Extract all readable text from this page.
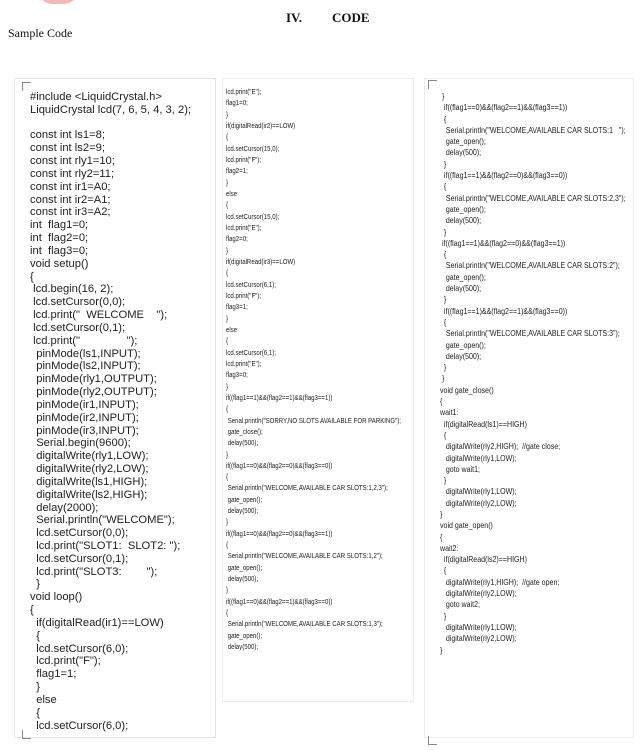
IV. CODE
Sample Code
#include <LiquidCrystal.h>
LiquidCrystal lcd(7, 6, 5, 4, 3, 2);

const int ls1=8;
const int ls2=9;
const int rly1=10;
const int rly2=11;
const int ir1=A0;
const int ir2=A1;
const int ir3=A2;
int  flag1=0;
int  flag2=0;
int  flag3=0;
void setup()
{
lcd.begin(16, 2);
lcd.setCursor(0,0);
lcd.print("  WELCOME    ");
lcd.setCursor(0,1);
lcd.print("               ");
pinMode(ls1,INPUT);
pinMode(ls2,INPUT);
pinMode(rly1,OUTPUT);
pinMode(rly2,OUTPUT);
pinMode(ir1,INPUT);
pinMode(ir2,INPUT);
pinMode(ir3,INPUT);
Serial.begin(9600);
digitalWrite(rly1,LOW);
digitalWrite(rly2,LOW);
digitalWrite(ls1,HIGH);
digitalWrite(ls2,HIGH);
delay(2000);
Serial.println("WELCOME");
lcd.setCursor(0,0);
lcd.print("SLOT1:  SLOT2: ");
lcd.setCursor(0,1);
lcd.print("SLOT3:        ");
}
void loop()
{
if(digitalRead(ir1)==LOW)
{
lcd.setCursor(6,0);
lcd.print("F");
flag1=1;
}
else
{
lcd.setCursor(6,0);
lcd.print("E");
flag1=0;
}
if(digitalRead(ir2)==LOW)
{
lcd.setCursor(15,0);
lcd.print("F");
flag2=1;
}
else
{
lcd.setCursor(15,0);
lcd.print("E");
flag2=0;
}
if(digitalRead(ir3)==LOW)
{
lcd.setCursor(6,1);
lcd.print("F");
flag3=1;
}
else
{
lcd.setCursor(6,1);
lcd.print("E");
flag3=0;
}
if((flag1==1)&&(flag2==1)&&(flag3==1))
{
Serial.println("SORRY,NO SLOTS AVAILABLE FOR PARKING");
gate_close();
delay(500);
}
if((flag1==0)&&(flag2==0)&&(flag3==0))
{
Serial.println("WELCOME,AVAILABLE CAR SLOTS:1,2,3");
gate_open();
delay(500);
}
if((flag1==0)&&(flag2==0)&&(flag3==1))
{
Serial.println("WELCOME,AVAILABLE CAR SLOTS:1,2");
gate_open();
delay(500);
}
if((flag1==0)&&(flag2==1)&&(flag3==0))
{
Serial.println("WELCOME,AVAILABLE CAR SLOTS:1,3");
gate_open();
delay(500);
}
if((flag1==0)&&(flag2==1)&&(flag3==1))
{
Serial.println("WELCOME,AVAILABLE CAR SLOTS:1   ");
gate_open();
delay(500);
}
if((flag1==1)&&(flag2==0)&&(flag3==0))
{
Serial.println("WELCOME,AVAILABLE CAR SLOTS:2,3");
gate_open();
delay(500);
}
if((flag1==1)&&(flag2==0)&&(flag3==1))
{
Serial.println("WELCOME,AVAILABLE CAR SLOTS:2");
gate_open();
delay(500);
}
if((flag1==1)&&(flag2==1)&&(flag3==0))
{
Serial.println("WELCOME,AVAILABLE CAR SLOTS:3");
gate_open();
delay(500);
}
}
void gate_close()
{
wait1:
if(digitalRead(ls1)==HIGH)
{
digitalWrite(rly2,HIGH);  //gate close;
digitalWrite(rly1,LOW);
goto wait1;
}
digitalWrite(rly1,LOW);
digitalWrite(rly2,LOW);
}
void gate_open()
{
wait2:
if(digitalRead(ls2)==HIGH)
{
digitalWrite(rly1,HIGH);  //gate open;
digitalWrite(rly2,LOW);
goto wait2;
}
digitalWrite(rly1,LOW);
digitalWrite(rly2,LOW);
}
